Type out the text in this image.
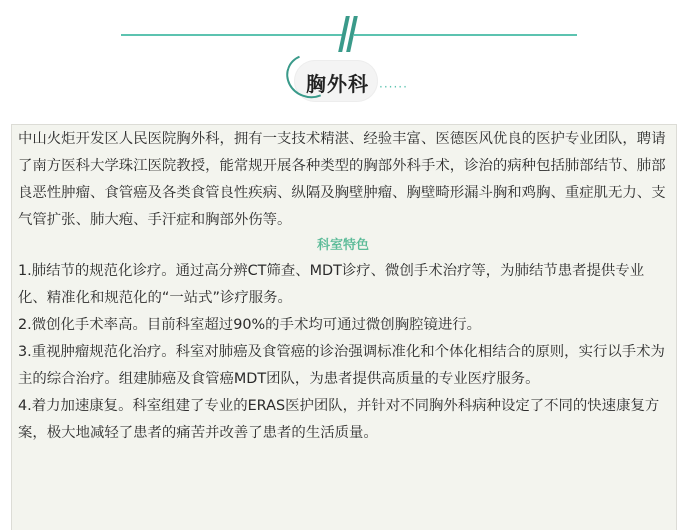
胸外科 ······

中山火炬开发区人民医院胸外科，拥有一支技术精湛、经验丰富、医德医风优良的医护专业团队，聘请了南方医科大学珠江医院教授，能常规开展各种类型的胸部外科手术，诊治的病种包括肺部结节、肺部良恶性肿瘤、食管癌及各类食管良性疾病、纵隔及胸壁肿瘤、胸壁畸形漏斗胸和鸡胸、重症肌无力、支气管扩张、肺大疱、手汗症和胸部外伤等。

科室特色

1.肺结节的规范化诊疗。通过高分辨CT筛查、MDT诊疗、微创手术治疗等，为肺结节患者提供专业化、精准化和规范化的“一站式”诊疗服务。

2.微创化手术率高。目前科室超过90%的手术均可通过微创胸腔镜进行。

3.重视肿瘤规范化治疗。科室对肺癌及食管癌的诊治强调标准化和个体化相结合的原则，实行以手术为主的综合治疗。组建肺癌及食管癌MDT团队，为患者提供高质量的专业医疗服务。

4.着力加速康复。科室组建了专业的ERAS医护团队，并针对不同胸外科病种设定了不同的快速康复方案，极大地减轻了患者的痛苦并改善了患者的生活质量。
